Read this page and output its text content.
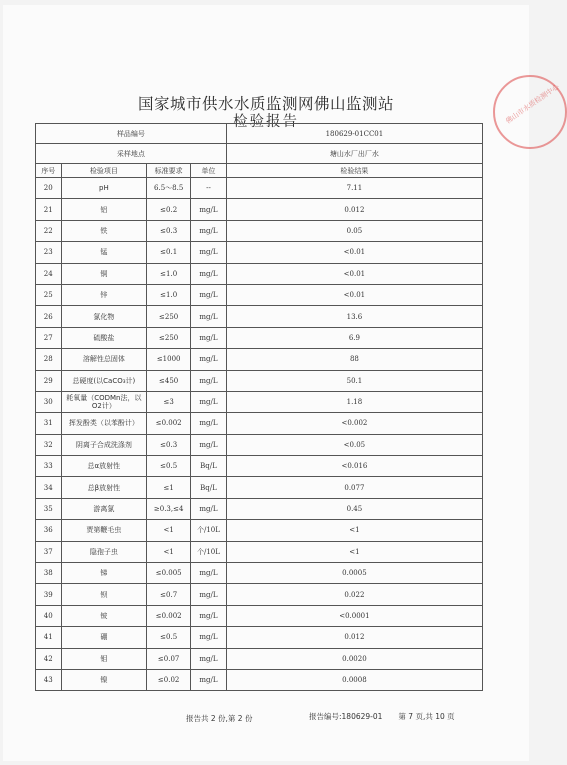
国家城市供水水质监测网佛山监测站
检验报告	佛山市水质检测中心
样品编号				180629-01CC01
采样地点				塘山水厂出厂水
序号	检验项目	标准要求	单位	检验结果
20	pH	6.5～8.5	--	7.11
21	铝	≤0.2	mg/L	0.012
22	铁	≤0.3	mg/L	0.05
23	锰	≤0.1	mg/L	<0.01
24	铜	≤1.0	mg/L	<0.01
25	锌	≤1.0	mg/L	<0.01
26	氯化物	≤250	mg/L	13.6
27	硫酸盐	≤250	mg/L	6.9
28	溶解性总固体	≤1000	mg/L	88
29	总硬度(以CaCO₃计)	≤450	mg/L	50.1
30	耗氧量（CODMn法，以O2计）	≤3	mg/L	1.18
31	挥发酚类（以苯酚计）	≤0.002	mg/L	<0.002
32	阴离子合成洗涤剂	≤0.3	mg/L	<0.05
33	总α放射性	≤0.5	Bq/L	<0.016
34	总β放射性	≤1	Bq/L	0.077
35	游离氯	≥0.3,≤4	mg/L	0.45
36	贾第鞭毛虫	<1	个/10L	<1
37	隐孢子虫	<1	个/10L	<1
38	锑	≤0.005	mg/L	0.0005
39	钡	≤0.7	mg/L	0.022
40	铍	≤0.002	mg/L	<0.0001
41	硼	≤0.5	mg/L	0.012
42	钼	≤0.07	mg/L	0.0020
43	镍	≤0.02	mg/L	0.0008
报告共 2 份,第 2 份	报告编号:180629-01 第 7 页,共 10 页
